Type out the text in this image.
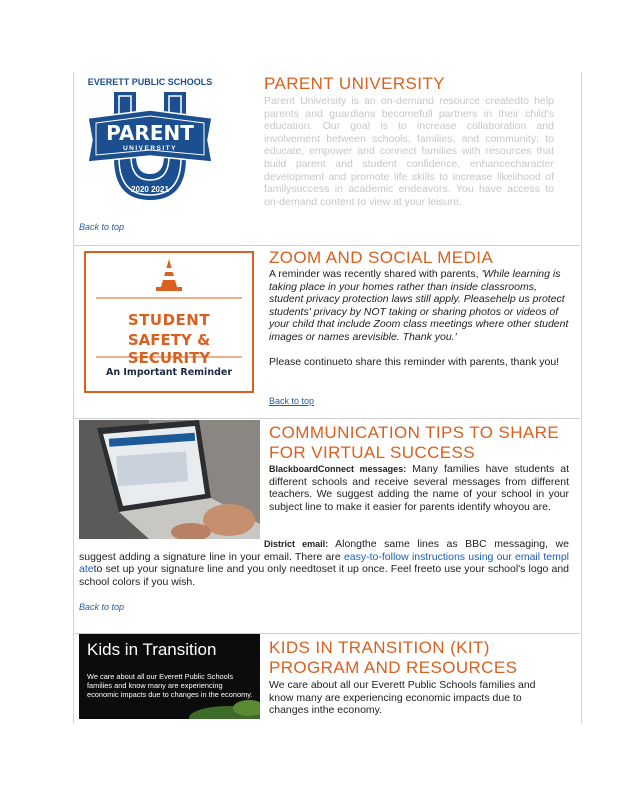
EVERETT PUBLIC SCHOOLS
PARENT
UNIVERSITY
2020 2021
PARENT UNIVERSITY
Parent University is an on-demand resource createdto help parents and guardians becomefull partners in their child's education. Our goal is to increase collaboration and involvement between schools, families, and community; to educate, empower and connect families with resources that build parent and student confidence, enhancecharacter development and promote life skills to increase likelihood of familysuccess in academic endeavors. You have access to on-demand content to view at your leisure.
Back to top
STUDENT
SAFETY & SECURITY
An Important Reminder
ZOOM AND SOCIAL MEDIA
A reminder was recently shared with parents, 'While learning is taking place in your homes rather than inside classrooms, student privacy protection laws still apply. Pleasehelp us protect students' privacy by NOT taking or sharing photos or videos of your child that include Zoom class meetings where other student images or names arevisible. Thank you.'
Please continueto share this reminder with parents, thank you!
Back to top
COMMUNICATION TIPS TO SHARE
FOR VIRTUAL SUCCESS
BlackboardConnect messages: Many families have students at different schools and receive several messages from different teachers. We suggest adding the name of your school in your subject line to make it easier for parents identify whoyou are.
District email: Alongthe same lines as BBC messaging, we suggest adding a signature line in your email. There are easy-to-follow instructions using our email templ ateto set up your signature line and you only needtoset it up once. Feel freeto use your school's logo and school colors if you wish.
Back to top
Kids in Transition
We care about all our Everett Public Schools families and know many are experiencing economic impacts due to changes in the economy.
KIDS IN TRANSITION (KIT)
PROGRAM AND RESOURCES
We care about all our Everett Public Schools families and know many are experiencing economic impacts due to changes inthe economy.
